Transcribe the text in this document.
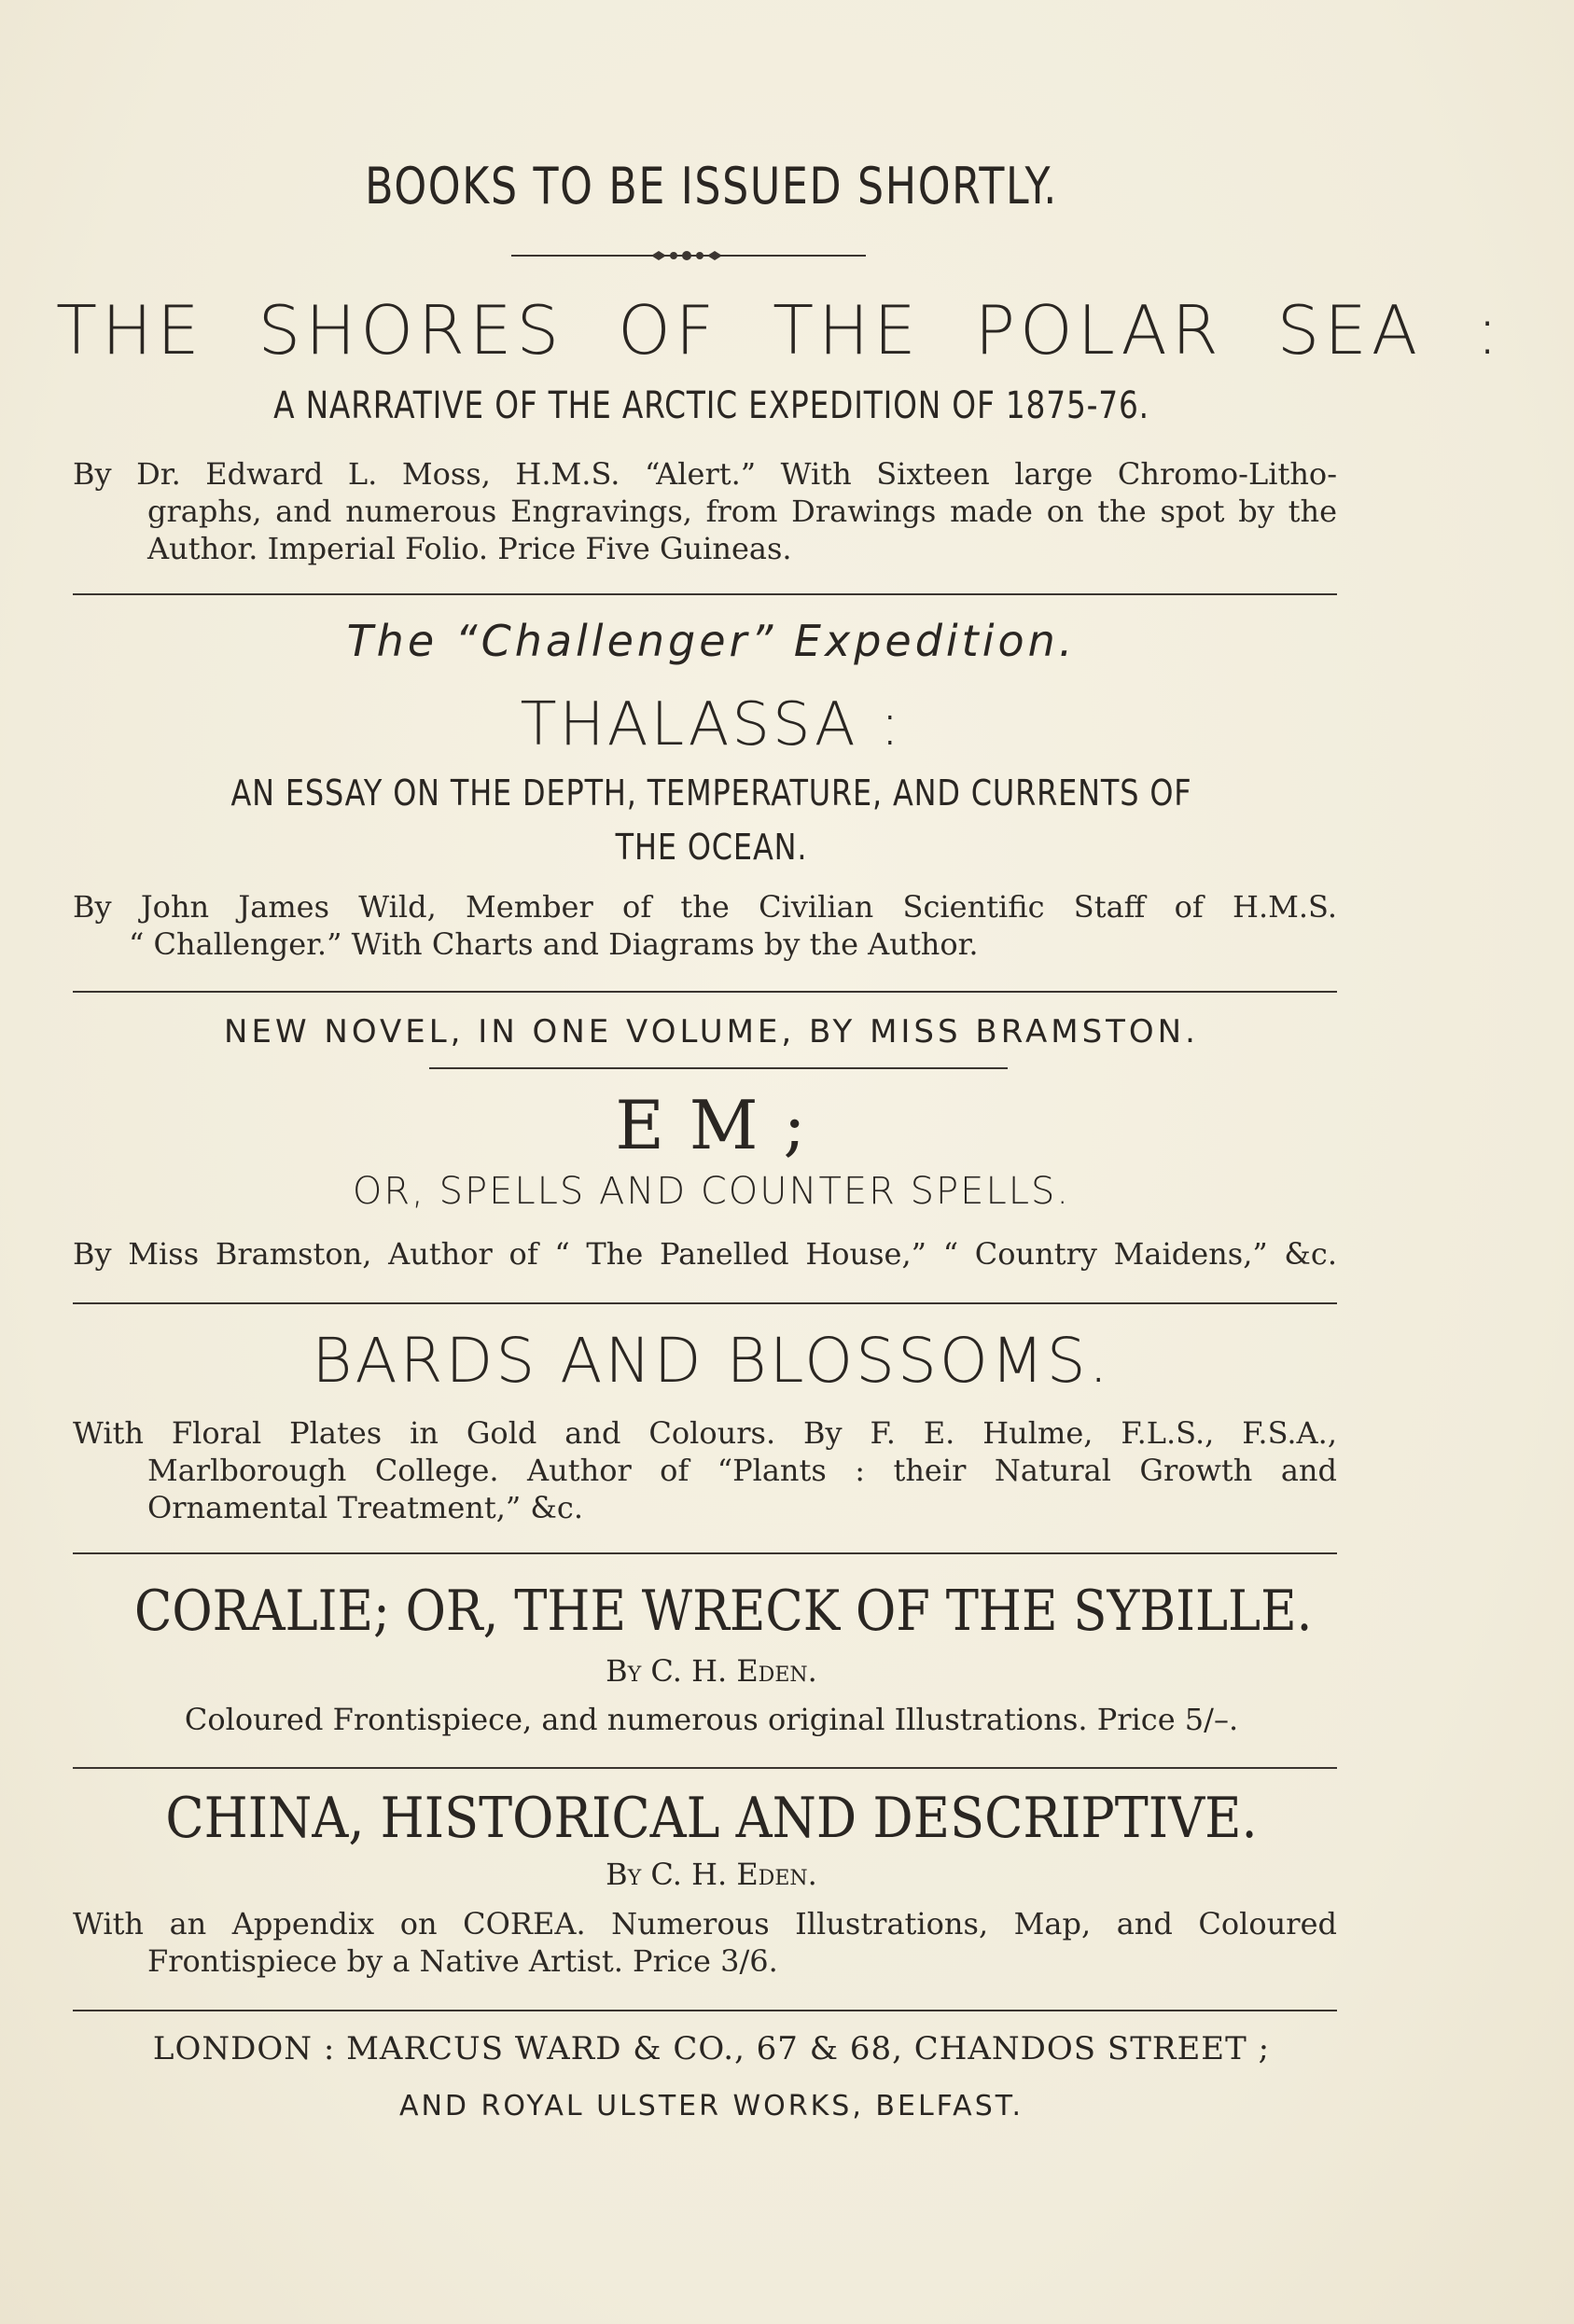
BOOKS TO BE ISSUED SHORTLY.
THE SHORES OF THE POLAR SEA :
A NARRATIVE OF THE ARCTIC EXPEDITION OF 1875-76.
By Dr. Edward L. Moss, H.M.S. “Alert.” With Sixteen large Chromo-Litho-
graphs, and numerous Engravings, from Drawings made on the spot by the
Author. Imperial Folio. Price Five Guineas.
The “Challenger” Expedition.
THALASSA :
AN ESSAY ON THE DEPTH, TEMPERATURE, AND CURRENTS OF
THE OCEAN.
By John James Wild, Member of the Civilian Scientific Staff of H.M.S.
“ Challenger.” With Charts and Diagrams by the Author.
NEW NOVEL, IN ONE VOLUME, BY MISS BRAMSTON.
E M ;
OR, SPELLS AND COUNTER SPELLS.
By Miss Bramston, Author of “ The Panelled House,” “ Country Maidens,” &c.
BARDS AND BLOSSOMS.
With Floral Plates in Gold and Colours. By F. E. Hulme, F.L.S., F.S.A.,
Marlborough College. Author of “Plants : their Natural Growth and
Ornamental Treatment,” &c.
CORALIE; OR, THE WRECK OF THE SYBILLE.
By C. H. Eden.
Coloured Frontispiece, and numerous original Illustrations. Price 5/–.
CHINA, HISTORICAL AND DESCRIPTIVE.
By C. H. Eden.
With an Appendix on COREA. Numerous Illustrations, Map, and Coloured
Frontispiece by a Native Artist. Price 3/6.
LONDON : MARCUS WARD & CO., 67 & 68, CHANDOS STREET ;
AND ROYAL ULSTER WORKS, BELFAST.
